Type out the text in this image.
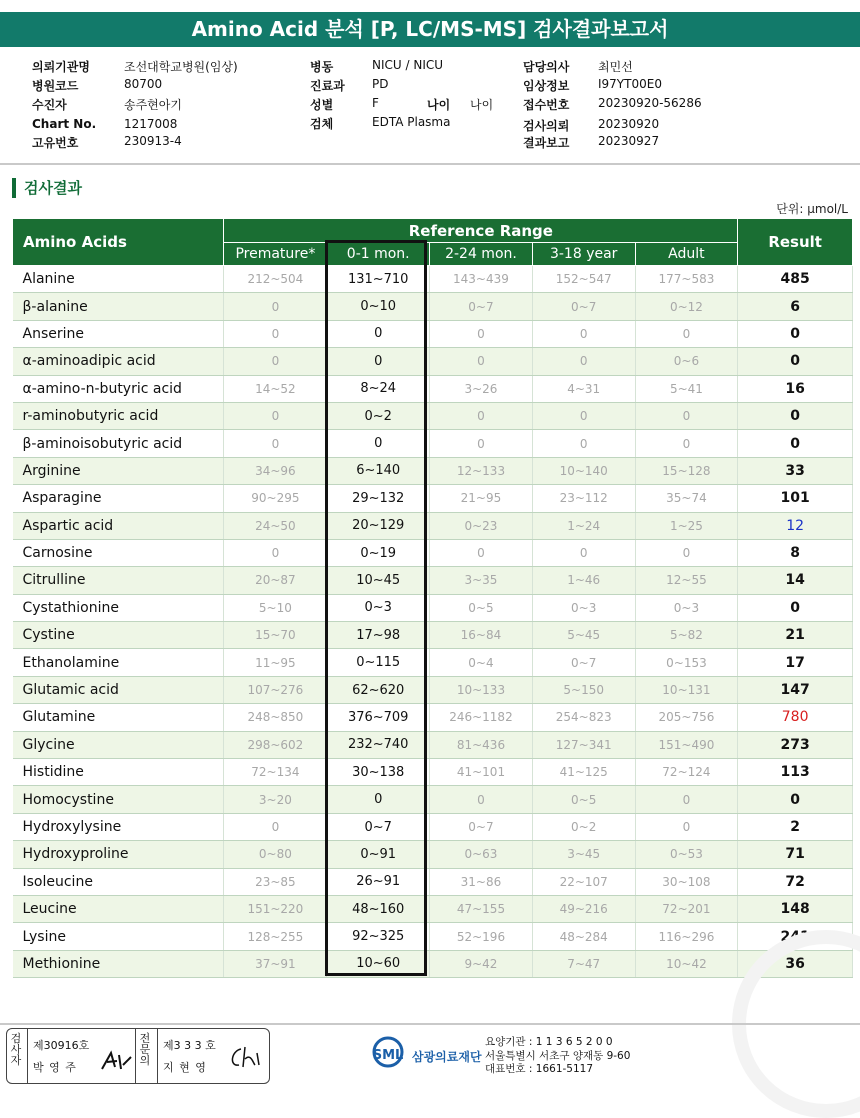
Amino Acid 분석 [P, LC/MS-MS] 검사결과보고서
의뢰기관명	조선대학교병원(임상)
병원코드	80700
수진자	송주현아기
Chart No. 1217008
고유번호	230913-4
병동	NICU / NICU
진료과 PD
성별	F	나이 나이
검체	EDTA Plasma
담당의사 최민선
임상정보 I97YT00E0
접수번호 20230920-56286
검사의뢰 20230920
결과보고 20230927
검사결과
단위: µmol/L
Amino Acids	Reference Range					Result
	Premature*	0-1 mon.	2-24 mon.	3-18 year	Adult	
Alanine	212~504	131~710	143~439	152~547	177~583	485
β-alanine	0	0~10	0~7	0~7	0~12	6
Anserine	0	0	0	0	0	0
α-aminoadipic acid	0	0	0	0	0~6	0
α-amino-n-butyric acid	14~52	8~24	3~26	4~31	5~41	16
r-aminobutyric acid	0	0~2	0	0	0	0
β-aminoisobutyric acid	0	0	0	0	0	0
Arginine	34~96	6~140	12~133	10~140	15~128	33
Asparagine	90~295	29~132	21~95	23~112	35~74	101
Aspartic acid	24~50	20~129	0~23	1~24	1~25	12
Carnosine	0	0~19	0	0	0	8
Citrulline	20~87	10~45	3~35	1~46	12~55	14
Cystathionine	5~10	0~3	0~5	0~3	0~3	0
Cystine	15~70	17~98	16~84	5~45	5~82	21
Ethanolamine	11~95	0~115	0~4	0~7	0~153	17
Glutamic acid	107~276	62~620	10~133	5~150	10~131	147
Glutamine	248~850	376~709	246~1182	254~823	205~756	780
Glycine	298~602	232~740	81~436	127~341	151~490	273
Histidine	72~134	30~138	41~101	41~125	72~124	113
Homocystine	3~20	0	0	0~5	0	0
Hydroxylysine	0	0~7	0~7	0~2	0	2
Hydroxyproline	0~80	0~91	0~63	3~45	0~53	71
Isoleucine	23~85	26~91	31~86	22~107	30~108	72
Leucine	151~220	48~160	47~155	49~216	72~201	148
Lysine	128~255	92~325	52~196	48~284	116~296	241
Methionine	37~91	10~60	9~42	7~47	10~42	36
검사자
제30916호
박 영 주
전문의
제3 3 3 호
지 현 영
SML 삼광의료재단
요양기관 : 1 1 3 6 5 2 0 0
서울특별시 서초구 양재동 9-60
대표번호 : 1661-5117
